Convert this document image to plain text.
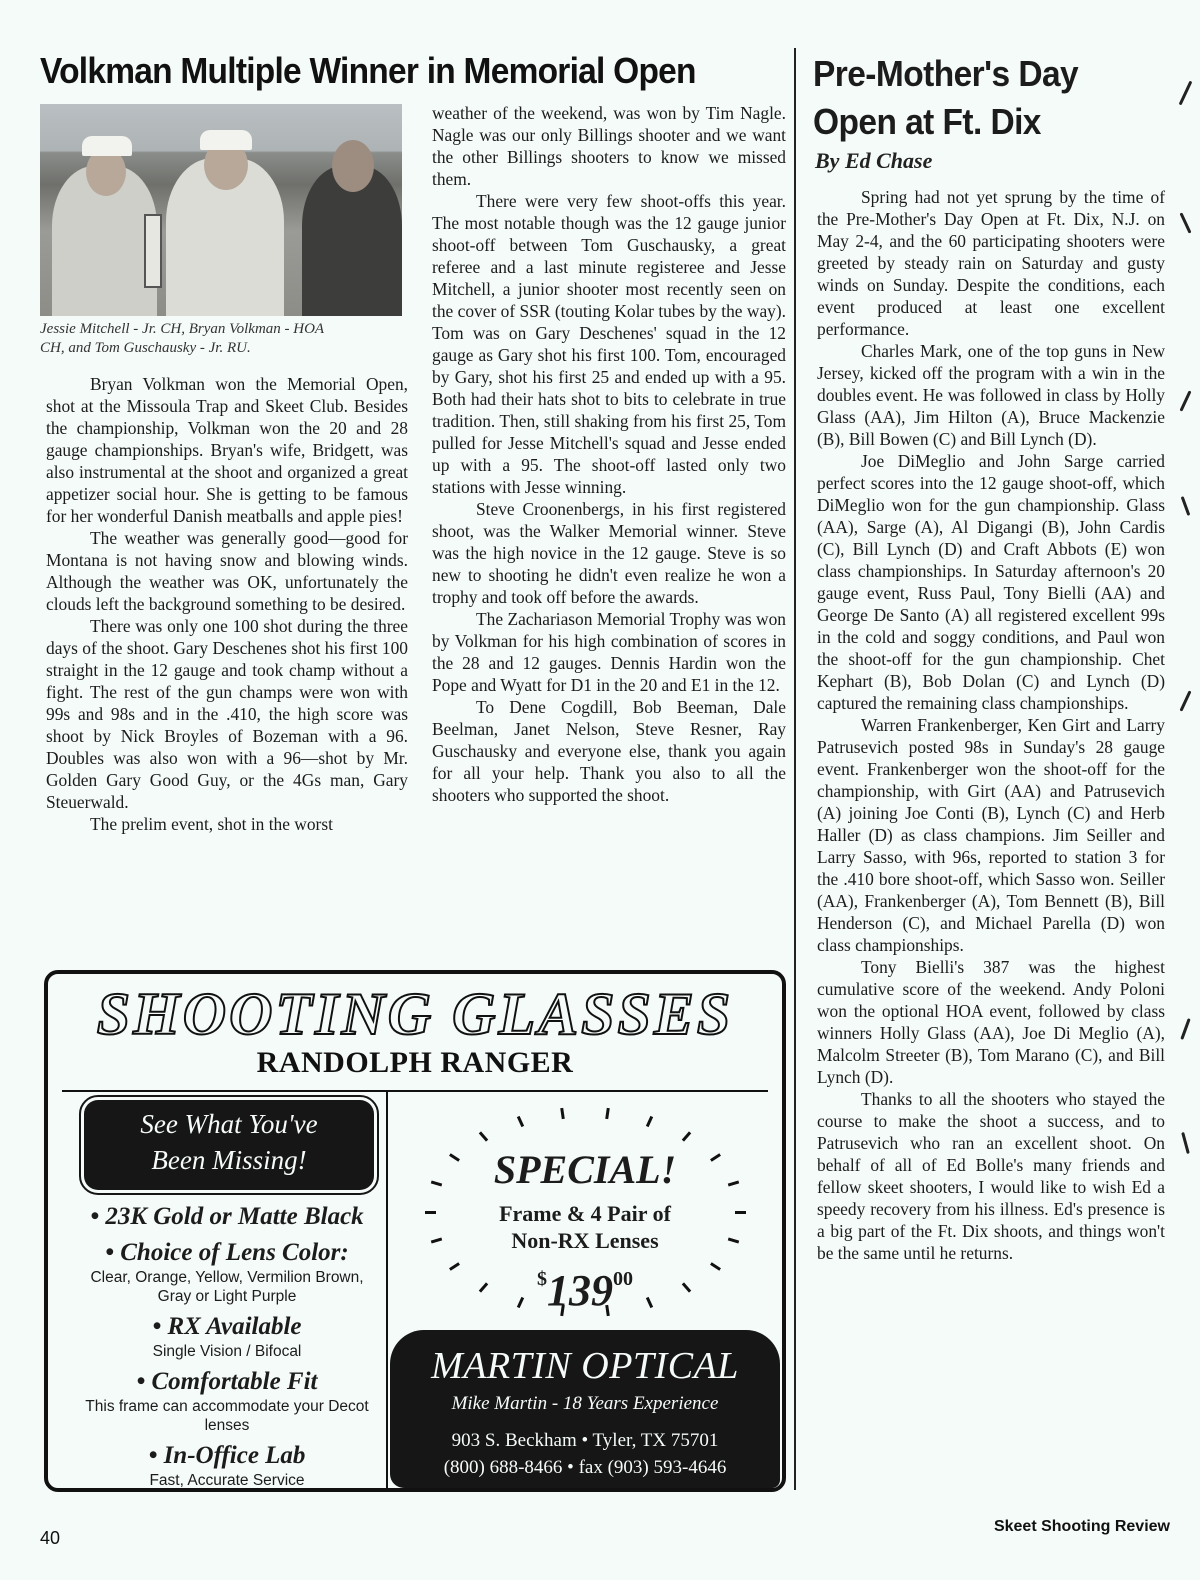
Volkman Multiple Winner in Memorial Open
Jessie Mitchell - Jr. CH, Bryan Volkman - HOA
CH, and Tom Guschausky - Jr. RU.

Bryan Volkman won the Memorial Open, shot at the Missoula Trap and Skeet Club. Besides the championship, Volkman won the 20 and 28 gauge championships. Bryan's wife, Bridgett, was also instrumental at the shoot and organized a great appetizer social hour. She is getting to be famous for her wonderful Danish meatballs and apple pies!

The weather was generally good—good for Montana is not having snow and blowing winds. Although the weather was OK, unfortunately the clouds left the background something to be desired.

There was only one 100 shot during the three days of the shoot. Gary Deschenes shot his first 100 straight in the 12 gauge and took champ without a fight. The rest of the gun champs were won with 99s and 98s and in the .410, the high score was shoot by Nick Broyles of Bozeman with a 96. Doubles was also won with a 96—shot by Mr. Golden Gary Good Guy, or the 4Gs man, Gary Steuerwald.

The prelim event, shot in the worst

weather of the weekend, was won by Tim Nagle. Nagle was our only Billings shooter and we want the other Billings shooters to know we missed them.

There were very few shoot-offs this year. The most notable though was the 12 gauge junior shoot-off between Tom Guschausky, a great referee and a last minute registeree and Jesse Mitchell, a junior shooter most recently seen on the cover of SSR (touting Kolar tubes by the way). Tom was on Gary Deschenes' squad in the 12 gauge as Gary shot his first 100. Tom, encouraged by Gary, shot his first 25 and ended up with a 95. Both had their hats shot to bits to celebrate in true tradition. Then, still shaking from his first 25, Tom pulled for Jesse Mitchell's squad and Jesse ended up with a 95. The shoot-off lasted only two stations with Jesse winning.

Steve Croonenbergs, in his first registered shoot, was the Walker Memorial winner. Steve was the high novice in the 12 gauge. Steve is so new to shooting he didn't even realize he won a trophy and took off before the awards.

The Zachariason Memorial Trophy was won by Volkman for his high combination of scores in the 28 and 12 gauges. Dennis Hardin won the Pope and Wyatt for D1 in the 20 and E1 in the 12.

To Dene Cogdill, Bob Beeman, Dale Beelman, Janet Nelson, Steve Resner, Ray Guschausky and everyone else, thank you again for all your help. Thank you also to all the shooters who supported the shoot.

Pre-Mother's Day
Open at Ft. Dix
By Ed Chase

Spring had not yet sprung by the time of the Pre-Mother's Day Open at Ft. Dix, N.J. on May 2-4, and the 60 participating shooters were greeted by steady rain on Saturday and gusty winds on Sunday. Despite the conditions, each event produced at least one excellent performance.

Charles Mark, one of the top guns in New Jersey, kicked off the program with a win in the doubles event. He was followed in class by Holly Glass (AA), Jim Hilton (A), Bruce Mackenzie (B), Bill Bowen (C) and Bill Lynch (D).

Joe DiMeglio and John Sarge carried perfect scores into the 12 gauge shoot-off, which DiMeglio won for the gun championship. Glass (AA), Sarge (A), Al Digangi (B), John Cardis (C), Bill Lynch (D) and Craft Abbots (E) won class championships. In Saturday afternoon's 20 gauge event, Russ Paul, Tony Bielli (AA) and George De Santo (A) all registered excellent 99s in the cold and soggy conditions, and Paul won the shoot-off for the gun championship. Chet Kephart (B), Bob Dolan (C) and Lynch (D) captured the remaining class championships.

Warren Frankenberger, Ken Girt and Larry Patrusevich posted 98s in Sunday's 28 gauge event. Frankenberger won the shoot-off for the championship, with Girt (AA) and Patrusevich (A) joining Joe Conti (B), Lynch (C) and Herb Haller (D) as class champions. Jim Seiller and Larry Sasso, with 96s, reported to station 3 for the .410 bore shoot-off, which Sasso won. Seiller (AA), Frankenberger (A), Tom Bennett (B), Bill Henderson (C), and Michael Parella (D) won class championships.

Tony Bielli's 387 was the highest cumulative score of the weekend. Andy Poloni won the optional HOA event, followed by class winners Holly Glass (AA), Joe Di Meglio (A), Malcolm Streeter (B), Tom Marano (C), and Bill Lynch (D).

Thanks to all the shooters who stayed the course to make the shoot a success, and to Patrusevich who ran an excellent shoot. On behalf of all of Ed Bolle's many friends and fellow skeet shooters, I would like to wish Ed a speedy recovery from his illness. Ed's presence is a big part of the Ft. Dix shoots, and things won't be the same until he returns.

SHOOTING GLASSES
RANDOLPH RANGER
See What You've
Been Missing!
• 23K Gold or Matte Black
• Choice of Lens Color:
Clear, Orange, Yellow, Vermilion Brown, Gray or Light Purple
• RX Available
Single Vision / Bifocal
• Comfortable Fit
This frame can accommodate your Decot lenses
• In-Office Lab
Fast, Accurate Service
SPECIAL!
Frame & 4 Pair of
Non-RX Lenses
$^{\$}139^{00}$
MARTIN OPTICAL
Mike Martin - 18 Years Experience
903 S. Beckham • Tyler, TX 75701
(800) 688-8466 • fax (903) 593-4646
40
Skeet Shooting Review
